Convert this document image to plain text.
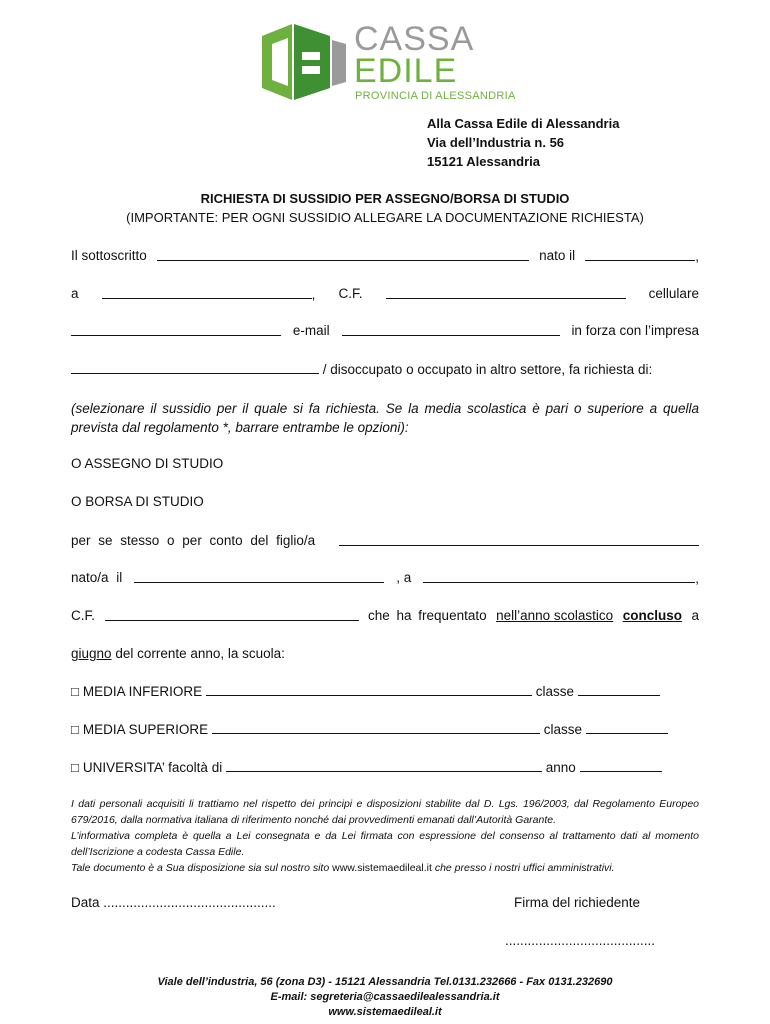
CASSA
EDILE
PROVINCIA DI ALESSANDRIA
Alla Cassa Edile di Alessandria
Via dell’Industria n. 56
15121 Alessandria
RICHIESTA DI SUSSIDIO PER ASSEGNO/BORSA DI STUDIO
(IMPORTANTE: PER OGNI SUSSIDIO ALLEGARE LA DOCUMENTAZIONE RICHIESTA)
Il sottoscritto	nato il	,
a	, C.F.	cellulare
e-mail	in forza con l’impresa
/ disoccupato o occupato in altro settore, fa richiesta di:
(selezionare il sussidio per il quale si fa richiesta. Se la media scolastica è pari o superiore a quella prevista dal regolamento *, barrare entrambe le opzioni):
O ASSEGNO DI STUDIO
O BORSA DI STUDIO
per se stesso o per conto del figlio/a
nato/a il	, a	,
C.F.	che ha frequentato nell’anno scolastico concluso a
giugno del corrente anno, la scuola:
□ MEDIA INFERIORE	classe
□ MEDIA SUPERIORE	classe
□ UNIVERSITA’ facoltà di	anno
I dati personali acquisiti li trattiamo nel rispetto dei principi e disposizioni stabilite dal D. Lgs. 196/2003, dal Regolamento Europeo 679/2016, dalla normativa italiana di riferimento nonché dai provvedimenti emanati dall’Autorità Garante.
L’informativa completa è quella a Lei consegnata e da Lei firmata con espressione del consenso al trattamento dati al momento dell’Iscrizione a codesta Cassa Edile.
Tale documento è a Sua disposizione sia sul nostro sito www.sistemaedileal.it che presso i nostri uffici amministrativi.
Data ..............................................	Firma del richiedente
........................................
Viale dell’industria, 56 (zona D3) - 15121 Alessandria Tel.0131.232666 - Fax 0131.232690
E-mail: segreteria@cassaedilealessandria.it
www.sistemaedileal.it
